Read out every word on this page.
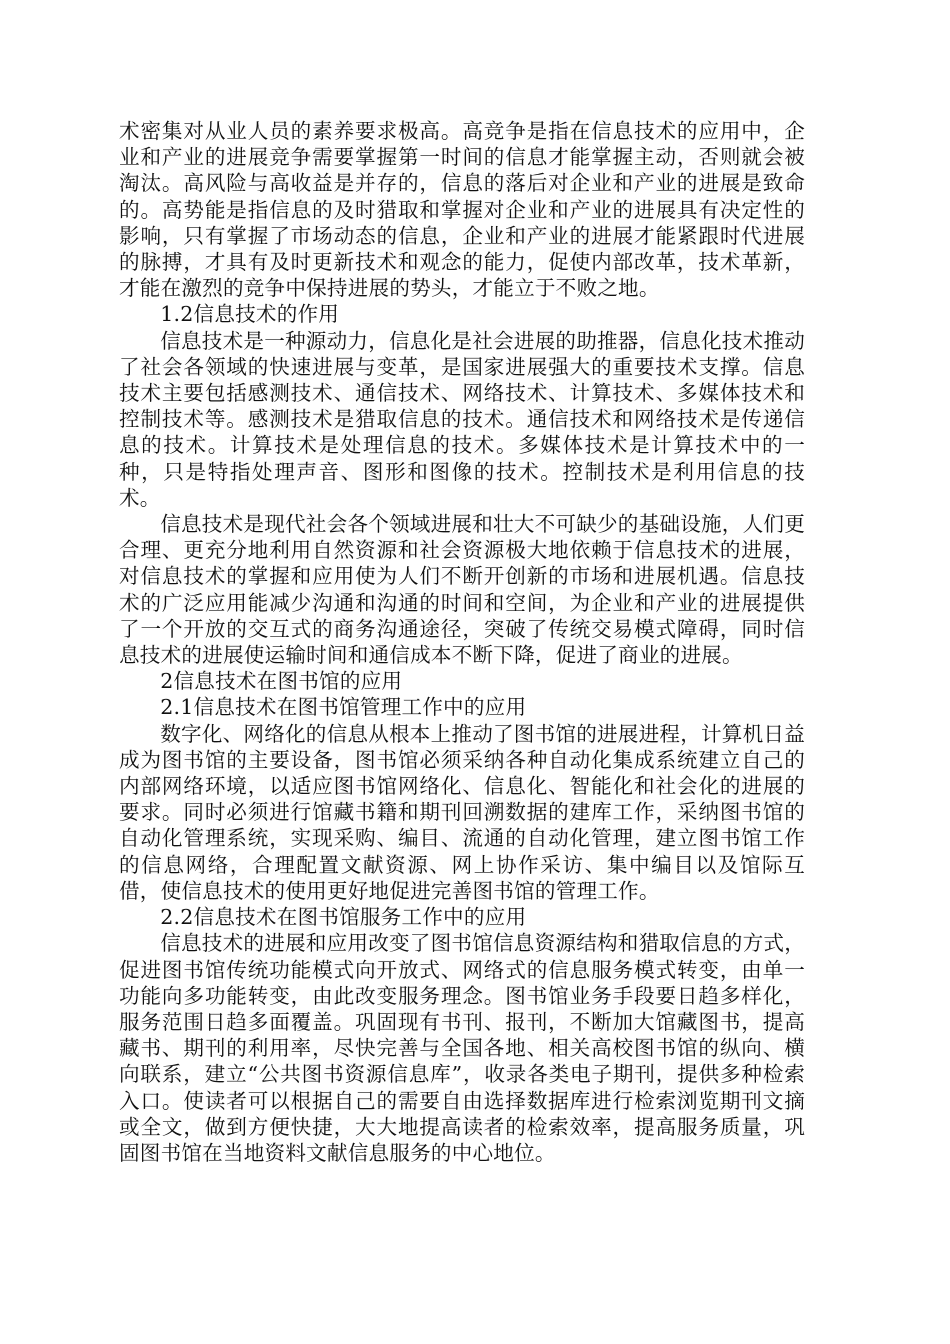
术密集对从业人员的素养要求极高。高竞争是指在信息技术的应用中，企业和产业的进展竞争需要掌握第一时间的信息才能掌握主动，否则就会被淘汰。高风险与高收益是并存的，信息的落后对企业和产业的进展是致命的。高势能是指信息的及时猎取和掌握对企业和产业的进展具有决定性的影响，只有掌握了市场动态的信息，企业和产业的进展才能紧跟时代进展的脉搏，才具有及时更新技术和观念的能力，促使内部改革，技术革新，才能在激烈的竞争中保持进展的势头，才能立于不败之地。

1.2信息技术的作用

信息技术是一种源动力，信息化是社会进展的助推器，信息化技术推动了社会各领域的快速进展与变革，是国家进展强大的重要技术支撑。信息技术主要包括感测技术、通信技术、网络技术、计算技术、多媒体技术和控制技术等。感测技术是猎取信息的技术。通信技术和网络技术是传递信息的技术。计算技术是处理信息的技术。多媒体技术是计算技术中的一种，只是特指处理声音、图形和图像的技术。控制技术是利用信息的技术。

信息技术是现代社会各个领域进展和壮大不可缺少的基础设施，人们更合理、更充分地利用自然资源和社会资源极大地依赖于信息技术的进展，对信息技术的掌握和应用使为人们不断开创新的市场和进展机遇。信息技术的广泛应用能减少沟通和沟通的时间和空间，为企业和产业的进展提供了一个开放的交互式的商务沟通途径，突破了传统交易模式障碍，同时信息技术的进展使运输时间和通信成本不断下降，促进了商业的进展。

2信息技术在图书馆的应用

2.1信息技术在图书馆管理工作中的应用

数字化、网络化的信息从根本上推动了图书馆的进展进程，计算机日益成为图书馆的主要设备，图书馆必须采纳各种自动化集成系统建立自己的内部网络环境，以适应图书馆网络化、信息化、智能化和社会化的进展的要求。同时必须进行馆藏书籍和期刊回溯数据的建库工作，采纳图书馆的自动化管理系统，实现采购、编目、流通的自动化管理，建立图书馆工作的信息网络，合理配置文献资源、网上协作采访、集中编目以及馆际互借，使信息技术的使用更好地促进完善图书馆的管理工作。

2.2信息技术在图书馆服务工作中的应用

信息技术的进展和应用改变了图书馆信息资源结构和猎取信息的方式，促进图书馆传统功能模式向开放式、网络式的信息服务模式转变，由单一功能向多功能转变，由此改变服务理念。图书馆业务手段要日趋多样化，服务范围日趋多面覆盖。巩固现有书刊、报刊，不断加大馆藏图书，提高藏书、期刊的利用率，尽快完善与全国各地、相关高校图书馆的纵向、横向联系，建立“公共图书资源信息库”，收录各类电子期刊，提供多种检索入口。使读者可以根据自己的需要自由选择数据库进行检索浏览期刊文摘或全文，做到方便快捷，大大地提高读者的检索效率，提高服务质量，巩固图书馆在当地资料文献信息服务的中心地位。
